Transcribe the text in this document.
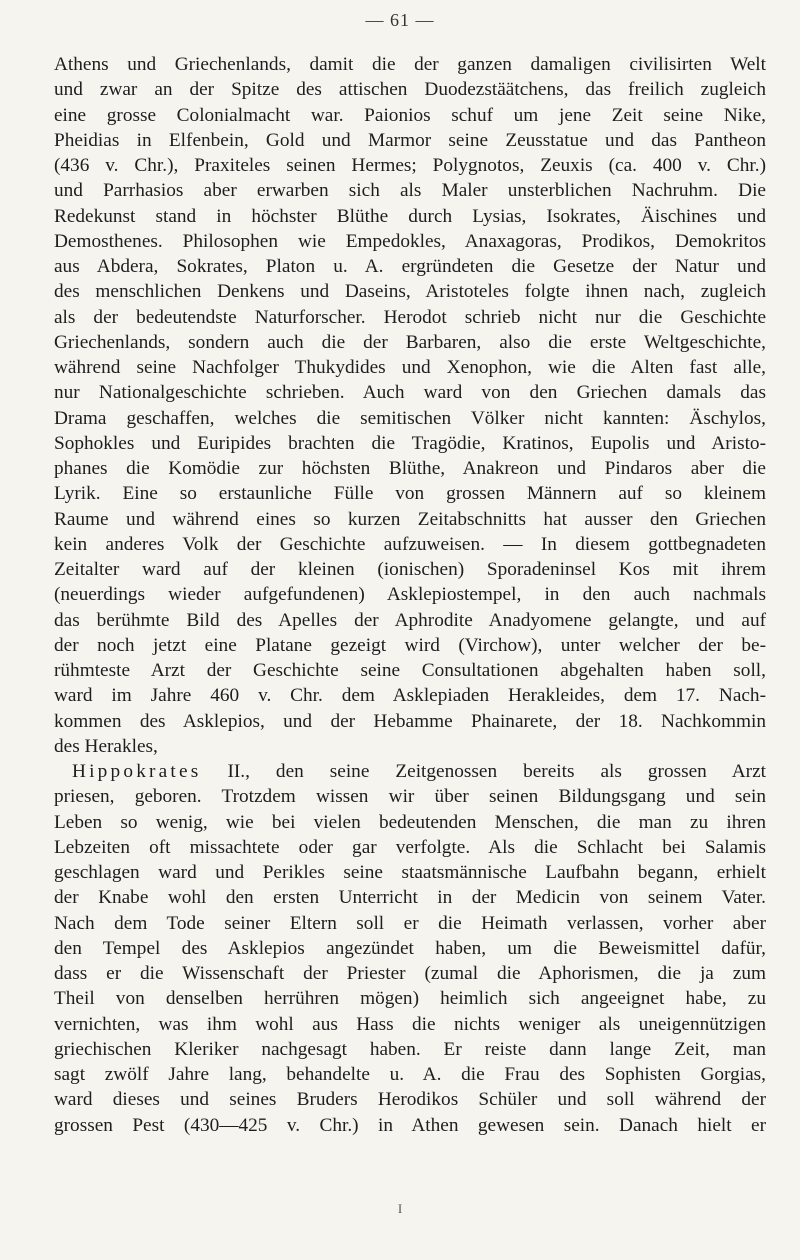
— 61 —
Athens und Griechenlands, damit die der ganzen damaligen civilisirten Welt
und zwar an der Spitze des attischen Duodezstäätchens, das freilich zugleich
eine grosse Colonialmacht war. Paionios schuf um jene Zeit seine Nike,
Pheidias in Elfenbein, Gold und Marmor seine Zeusstatue und das Pantheon
(436 v. Chr.), Praxiteles seinen Hermes; Polygnotos, Zeuxis (ca. 400 v. Chr.)
und Parrhasios aber erwarben sich als Maler unsterblichen Nachruhm. Die
Redekunst stand in höchster Blüthe durch Lysias, Isokrates, Äischines und
Demosthenes. Philosophen wie Empedokles, Anaxagoras, Prodikos, Demokritos
aus Abdera, Sokrates, Platon u. A. ergründeten die Gesetze der Natur und
des menschlichen Denkens und Daseins, Aristoteles folgte ihnen nach, zugleich
als der bedeutendste Naturforscher. Herodot schrieb nicht nur die Geschichte
Griechenlands, sondern auch die der Barbaren, also die erste Weltgeschichte,
während seine Nachfolger Thukydides und Xenophon, wie die Alten fast alle,
nur Nationalgeschichte schrieben. Auch ward von den Griechen damals das
Drama geschaffen, welches die semitischen Völker nicht kannten: Äschylos,
Sophokles und Euripides brachten die Tragödie, Kratinos, Eupolis und Aristo-
phanes die Komödie zur höchsten Blüthe, Anakreon und Pindaros aber die
Lyrik. Eine so erstaunliche Fülle von grossen Männern auf so kleinem
Raume und während eines so kurzen Zeitabschnitts hat ausser den Griechen
kein anderes Volk der Geschichte aufzuweisen. — In diesem gottbegnadeten
Zeitalter ward auf der kleinen (ionischen) Sporadeninsel Kos mit ihrem
(neuerdings wieder aufgefundenen) Asklepiostempel, in den auch nachmals
das berühmte Bild des Apelles der Aphrodite Anadyomene gelangte, und auf
der noch jetzt eine Platane gezeigt wird (Virchow), unter welcher der be-
rühmteste Arzt der Geschichte seine Consultationen abgehalten haben soll,
ward im Jahre 460 v. Chr. dem Asklepiaden Herakleides, dem 17. Nach-
kommen des Asklepios, und der Hebamme Phainarete, der 18. Nachkommin
des Herakles,
Hippokrates II., den seine Zeitgenossen bereits als grossen Arzt
priesen, geboren. Trotzdem wissen wir über seinen Bildungsgang und sein
Leben so wenig, wie bei vielen bedeutenden Menschen, die man zu ihren
Lebzeiten oft missachtete oder gar verfolgte. Als die Schlacht bei Salamis
geschlagen ward und Perikles seine staatsmännische Laufbahn begann, erhielt
der Knabe wohl den ersten Unterricht in der Medicin von seinem Vater.
Nach dem Tode seiner Eltern soll er die Heimath verlassen, vorher aber
den Tempel des Asklepios angezündet haben, um die Beweismittel dafür,
dass er die Wissenschaft der Priester (zumal die Aphorismen, die ja zum
Theil von denselben herrühren mögen) heimlich sich angeeignet habe, zu
vernichten, was ihm wohl aus Hass die nichts weniger als uneigennützigen
griechischen Kleriker nachgesagt haben. Er reiste dann lange Zeit, man
sagt zwölf Jahre lang, behandelte u. A. die Frau des Sophisten Gorgias,
ward dieses und seines Bruders Herodikos Schüler und soll während der
grossen Pest (430—425 v. Chr.) in Athen gewesen sein. Danach hielt er
I
